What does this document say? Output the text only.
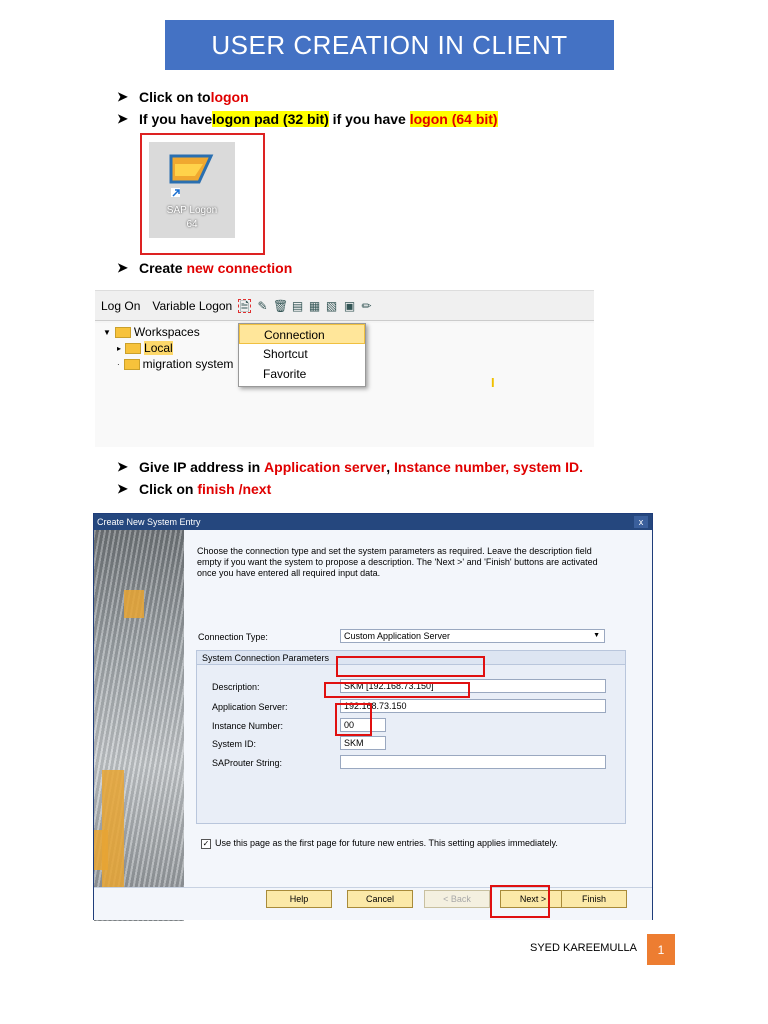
USER CREATION IN CLIENT
➤ Click on to logon
➤ If you have logon pad (32 bit) if you have logon (64 bit)
SAP Logon
64
➤ Create new connection
Log On Variable Logon 🗎 ✎ 🗑 ▤ ▦ ▧ ▣ ✏
▼ Workspaces
▸ Local
· migration system
Connection
Shortcut
Favorite
I
➤ Give IP address in Application server , Instance number, system ID.
➤ Click on finish /next
Create New System Entry	x
Choose the connection type and set the system parameters as required. Leave the description field empty if you want the system to propose a description. The 'Next >' and 'Finish' buttons are activated once you have entered all required input data.
Connection Type:	Custom Application Server	▼
System Connection Parameters
Description:	SKM [192.168.73.150]
Application Server:	192.168.73.150
Instance Number:	00
System ID:	SKM
SAProuter String:
✓ Use this page as the first page for future new entries. This setting applies immediately.
Help	Cancel	< Back	Next >	Finish
SYED KAREEMULLA	1
